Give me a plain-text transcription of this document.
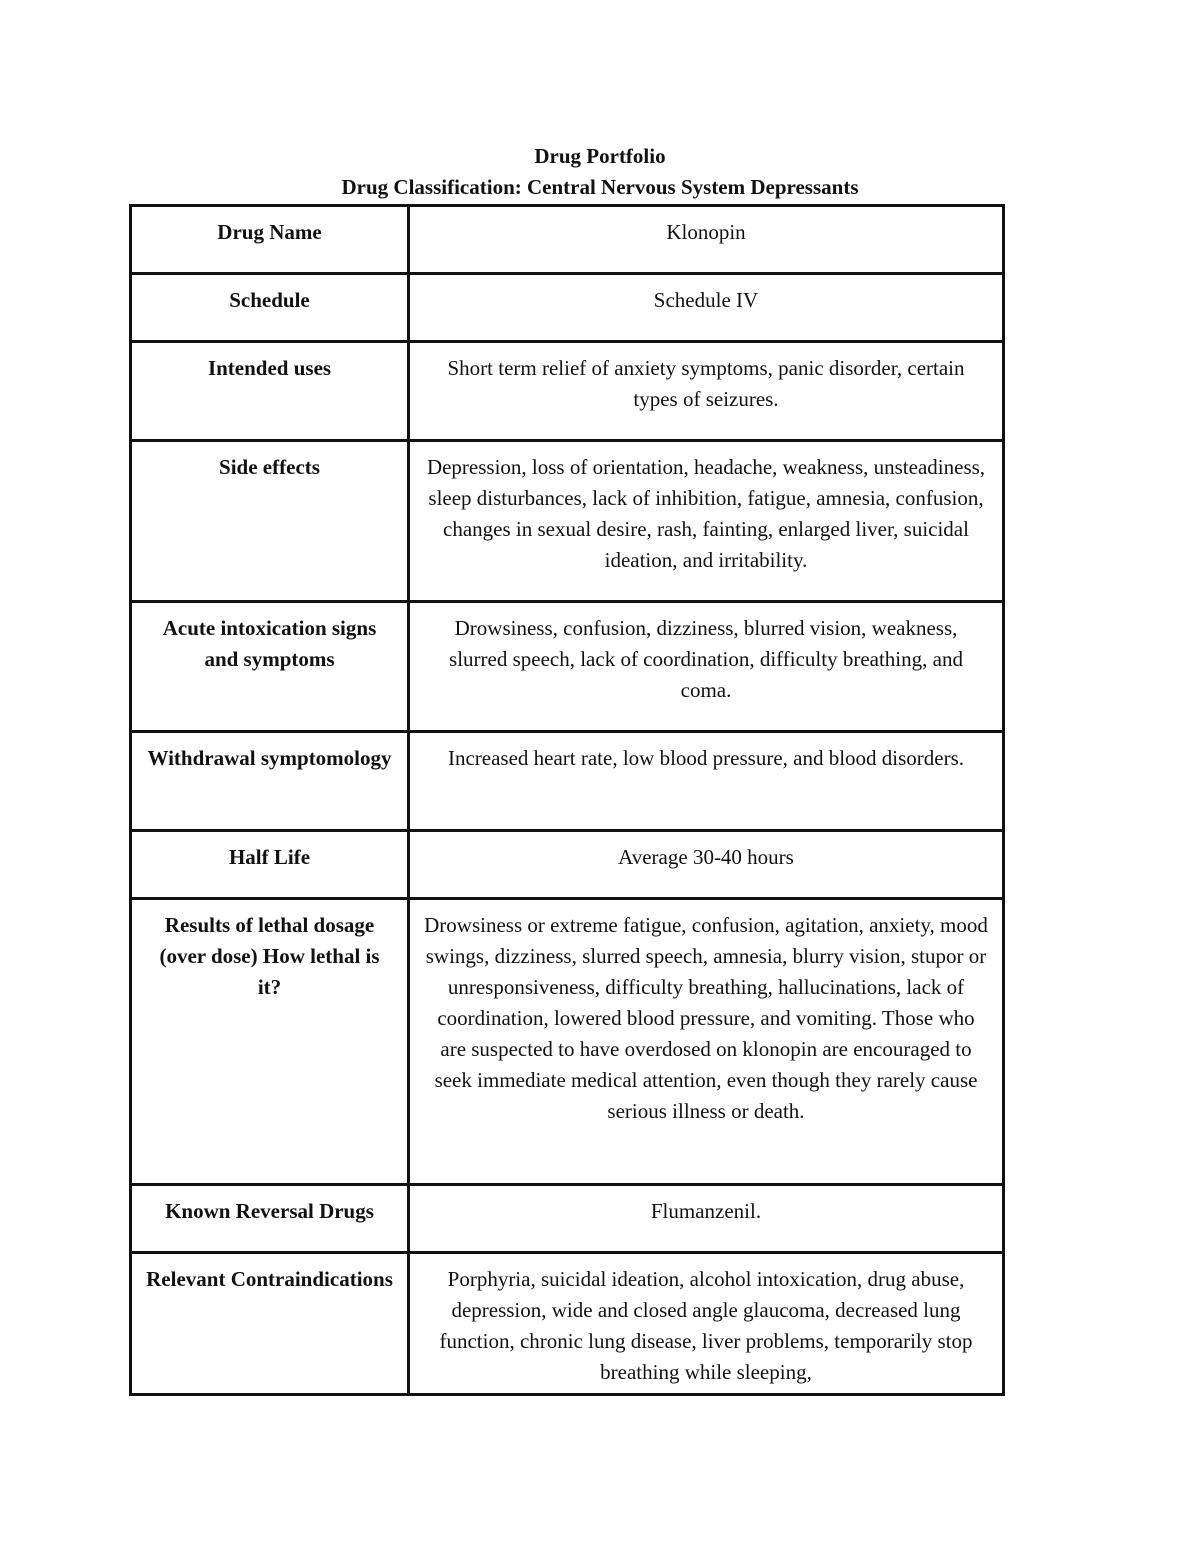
Drug Portfolio
Drug Classification: Central Nervous System Depressants
Drug Name	Klonopin
Schedule	Schedule IV
Intended uses	Short term relief of anxiety symptoms, panic disorder, certain types of seizures.
Side effects	Depression, loss of orientation, headache, weakness, unsteadiness, sleep disturbances, lack of inhibition, fatigue, amnesia, confusion, changes in sexual desire, rash, fainting, enlarged liver, suicidal ideation, and irritability.
Acute intoxication signs and symptoms	Drowsiness, confusion, dizziness, blurred vision, weakness, slurred speech, lack of coordination, difficulty breathing, and coma.
Withdrawal symptomology	Increased heart rate, low blood pressure, and blood disorders.
Half Life	Average 30-40 hours
Results of lethal dosage (over dose) How lethal is it?	Drowsiness or extreme fatigue, confusion, agitation, anxiety, mood swings, dizziness, slurred speech, amnesia, blurry vision, stupor or unresponsiveness, difficulty breathing, hallucinations, lack of coordination, lowered blood pressure, and vomiting. Those who are suspected to have overdosed on klonopin are encouraged to seek immediate medical attention, even though they rarely cause serious illness or death.
Known Reversal Drugs	Flumanzenil.
Relevant Contraindications	Porphyria, suicidal ideation, alcohol intoxication, drug abuse, depression, wide and closed angle glaucoma, decreased lung function, chronic lung disease, liver problems, temporarily stop breathing while sleeping,
